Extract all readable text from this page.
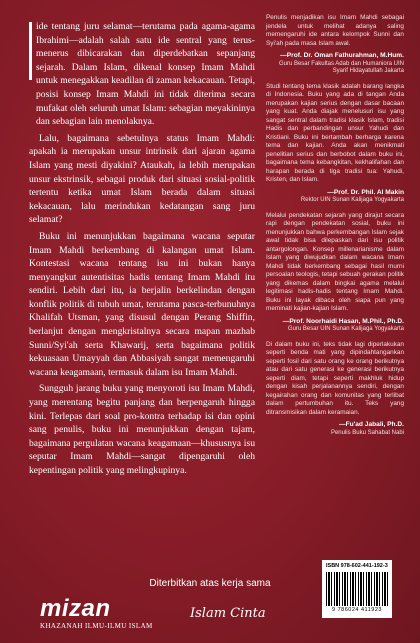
ide tentang juru selamat—terutama pada agama-agama Ibrahimi—adalah salah satu ide sentral yang terus-menerus dibicarakan dan diperdebatkan sepanjang sejarah. Dalam Islam, dikenal konsep Imam Mahdi untuk menegakkan keadilan di zaman kekacauan. Tetapi, posisi konsep Imam Mahdi ini tidak diterima secara mufakat oleh seluruh umat Islam: sebagian meyakininya dan sebagian lain menolaknya.

Lalu, bagaimana sebetulnya status Imam Mahdi: apakah ia merupakan unsur intrinsik dari ajaran agama Islam yang mesti diyakini? Ataukah, ia lebih merupakan unsur ekstrinsik, sebagai produk dari situasi sosial-politik tertentu ketika umat Islam berada dalam situasi kekacauan, lalu merindukan kedatangan sang juru selamat?

Buku ini menunjukkan bagaimana wacana seputar Imam Mahdi berkembang di kalangan umat Islam. Kontestasi wacana tentang isu ini bukan hanya menyangkut autentisitas hadis tentang Imam Mahdi itu sendiri. Lebih dari itu, ia berjalin berkelindan dengan konflik politik di tubuh umat, terutama pasca-terbunuhnya Khalifah Utsman, yang disusul dengan Perang Shiffin, berlanjut dengan mengkristalnya secara mapan mazhab Sunni/Syi'ah serta Khawarij, serta bagaimana politik kekuasaan Umayyah dan Abbasiyah sangat memengaruhi wacana keagamaan, termasuk dalam isu Imam Mahdi.

Sungguh jarang buku yang menyoroti isu Imam Mahdi, yang merentang begitu panjang dan berpengaruh hingga kini. Terlepas dari soal pro-kontra terhadap isi dan opini sang penulis, buku ini menunjukkan dengan tajam, bagaimana pergulatan wacana keagamaan—khususnya isu seputar Imam Mahdi—sangat dipengaruhi oleh kepentingan politik yang melingkupinya.

Penulis menjadikan isu Imam Mahdi sebagai jendela untuk melihat adanya saling memengaruhi ide antara kelompok Sunni dan Syi'ah pada masa Islam awal.
—Prof. Dr. Oman Fathurahman, M.Hum.
Guru Besar Fakultas Adab dan Humaniora UIN Syarif Hidayatullah Jakarta
Studi tentang tema klasik adalah barang langka di Indonesia. Buku yang ada di tangan Anda merupakan kajian serius dengan dasar bacaan yang kuat. Anda diajak menelusuri isu yang sangat sentral dalam tradisi klasik Islam, tradisi Hadis dan perbandingan unsur Yahudi dan Kristiani. Buku ini bertambah berharga karena tema dan kajian. Anda akan menikmati penelitian serius dan berbobot dalam buku ini, bagaimana tema kebangkitan, kekhalifahan dan harapan berada di tiga tradisi tua: Yahudi, Kristen, dan Islam.
—Prof. Dr. Phil. Al Makin
Rektor UIN Sunan Kalijaga Yogyakarta
Melalui pendekatan sejarah yang dirajut secara rapi dengan pendekatan sosial, buku ini menunjukkan bahwa perkembangan Islam sejak awal tidak bisa dilepaskan dari isu politik antargolongan. Konsep millenarianisme dalam Islam yang diwujudkan dalam wacana Imam Mahdi tidak berkembang sebagai hasil murni persoalan teologis, tetapi sebuah gerakan politik yang dikemas dalam bingkai agama melalui legitimasi hadis-hadis tentang Imam Mahdi. Buku ini layak dibaca oleh siapa pun yang meminati kajian-kajian Islam.
—Prof. Noorhaidi Hasan, M.Phil., Ph.D.
Guru Besar UIN Sunan Kalijaga Yogyakarta
Di dalam buku ini, teks tidak lagi diperlakukan seperti benda mati yang dipindahtangankan seperti fosil dari satu orang ke orang berikutnya atau dari satu generasi ke generasi berikutnya seperti diam, tetapi seperti makhluk hidup dengan kisah perjalanannya sendiri, dengan kegairahan orang dan komunitas yang terlibat dalam pertumbuhan itu. Teks yang ditransmisikan dalam keramaian.
—Fu'ad Jabali, Ph.D.
Penulis Buku Sahabat Nabi
Diterbitkan atas kerja sama
mizan
KHAZANAH ILMU-ILMU ISLAM
Islam Cinta
ISBN 978-602-441-192-3
9 786024 411923
